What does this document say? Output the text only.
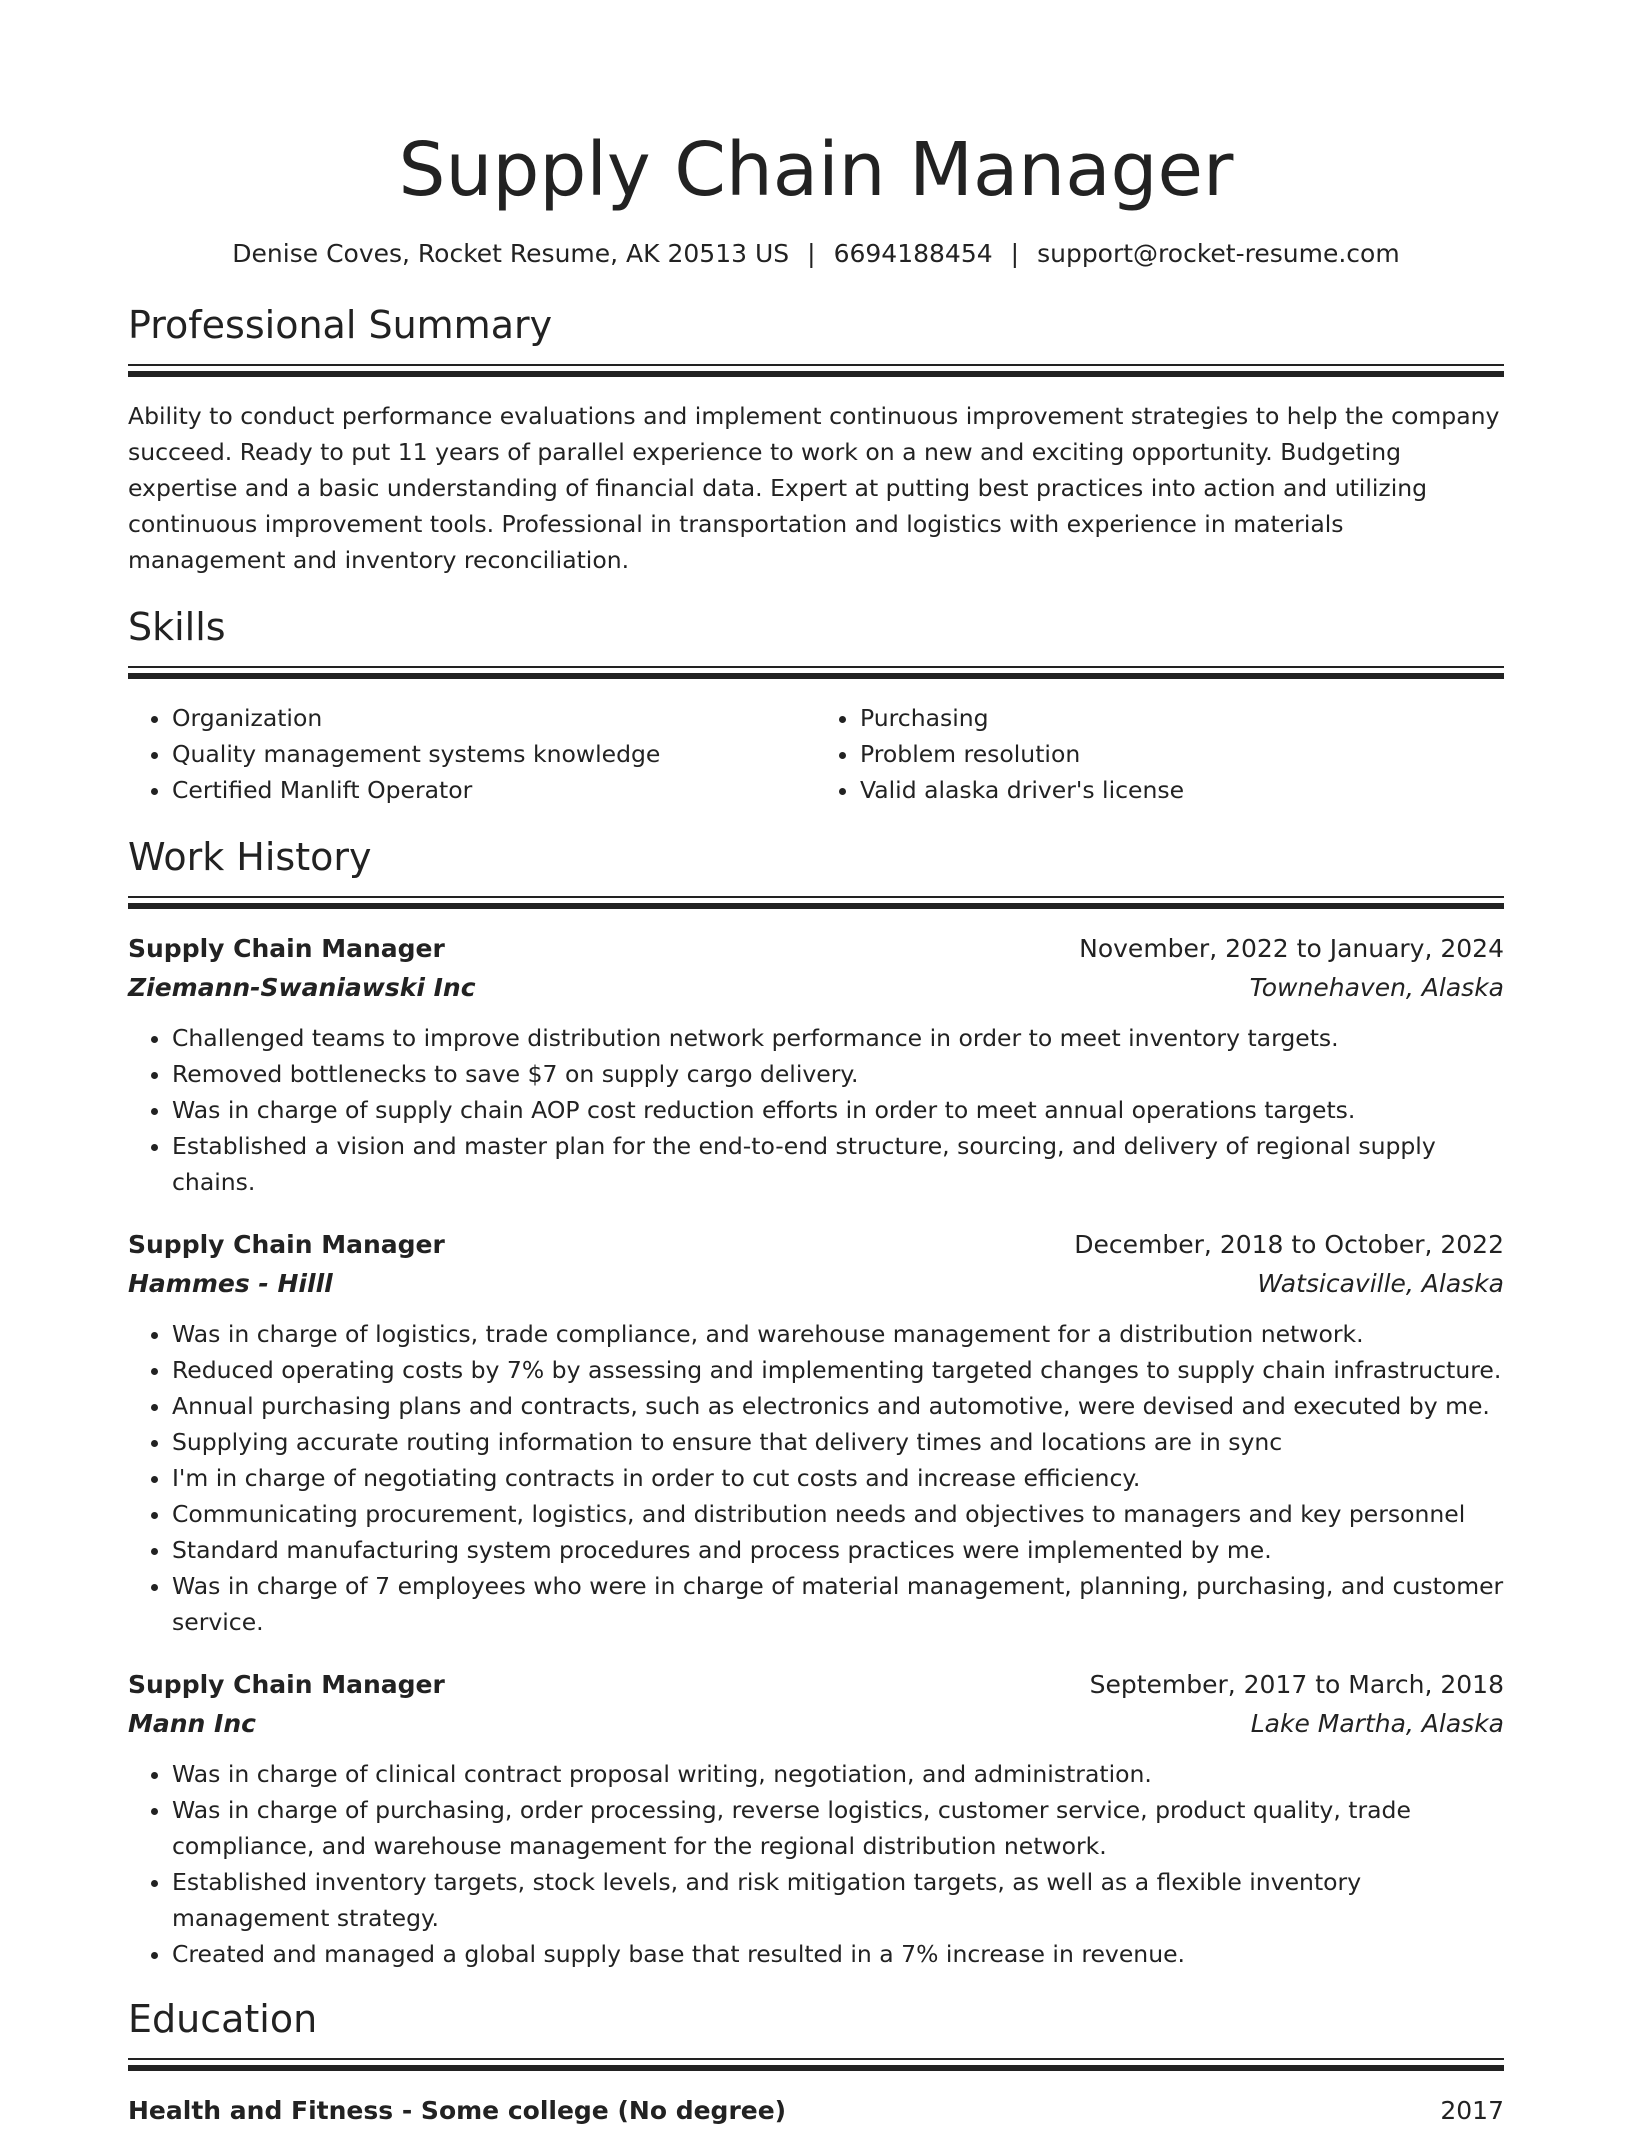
Supply Chain Manager
Denise Coves, Rocket Resume, AK 20513 US | 6694188454 | support@rocket-resume.com
Professional Summary

Ability to conduct performance evaluations and implement continuous improvement strategies to help the company succeed. Ready to put 11 years of parallel experience to work on a new and exciting opportunity. Budgeting expertise and a basic understanding of financial data. Expert at putting best practices into action and utilizing continuous improvement tools. Professional in transportation and logistics with experience in materials management and inventory reconciliation.

Skills
• Organization
• Quality management systems knowledge
• Certified Manlift Operator
• Purchasing
• Problem resolution
• Valid alaska driver's license
Work History
Supply Chain Manager	November, 2022 to January, 2024
Ziemann-Swaniawski Inc	Townehaven, Alaska
• Challenged teams to improve distribution network performance in order to meet inventory targets.
• Removed bottlenecks to save $7 on supply cargo delivery.
• Was in charge of supply chain AOP cost reduction efforts in order to meet annual operations targets.
• Established a vision and master plan for the end-to-end structure, sourcing, and delivery of regional supply chains.
Supply Chain Manager	December, 2018 to October, 2022
Hammes - Hilll	Watsicaville, Alaska
• Was in charge of logistics, trade compliance, and warehouse management for a distribution network.
• Reduced operating costs by 7% by assessing and implementing targeted changes to supply chain infrastructure.
• Annual purchasing plans and contracts, such as electronics and automotive, were devised and executed by me.
• Supplying accurate routing information to ensure that delivery times and locations are in sync
• I'm in charge of negotiating contracts in order to cut costs and increase efficiency.
• Communicating procurement, logistics, and distribution needs and objectives to managers and key personnel
• Standard manufacturing system procedures and process practices were implemented by me.
• Was in charge of 7 employees who were in charge of material management, planning, purchasing, and customer service.
Supply Chain Manager	September, 2017 to March, 2018
Mann Inc	Lake Martha, Alaska
• Was in charge of clinical contract proposal writing, negotiation, and administration.
• Was in charge of purchasing, order processing, reverse logistics, customer service, product quality, trade compliance, and warehouse management for the regional distribution network.
• Established inventory targets, stock levels, and risk mitigation targets, as well as a flexible inventory management strategy.
• Created and managed a global supply base that resulted in a 7% increase in revenue.
Education
Health and Fitness - Some college (No degree)	2017
